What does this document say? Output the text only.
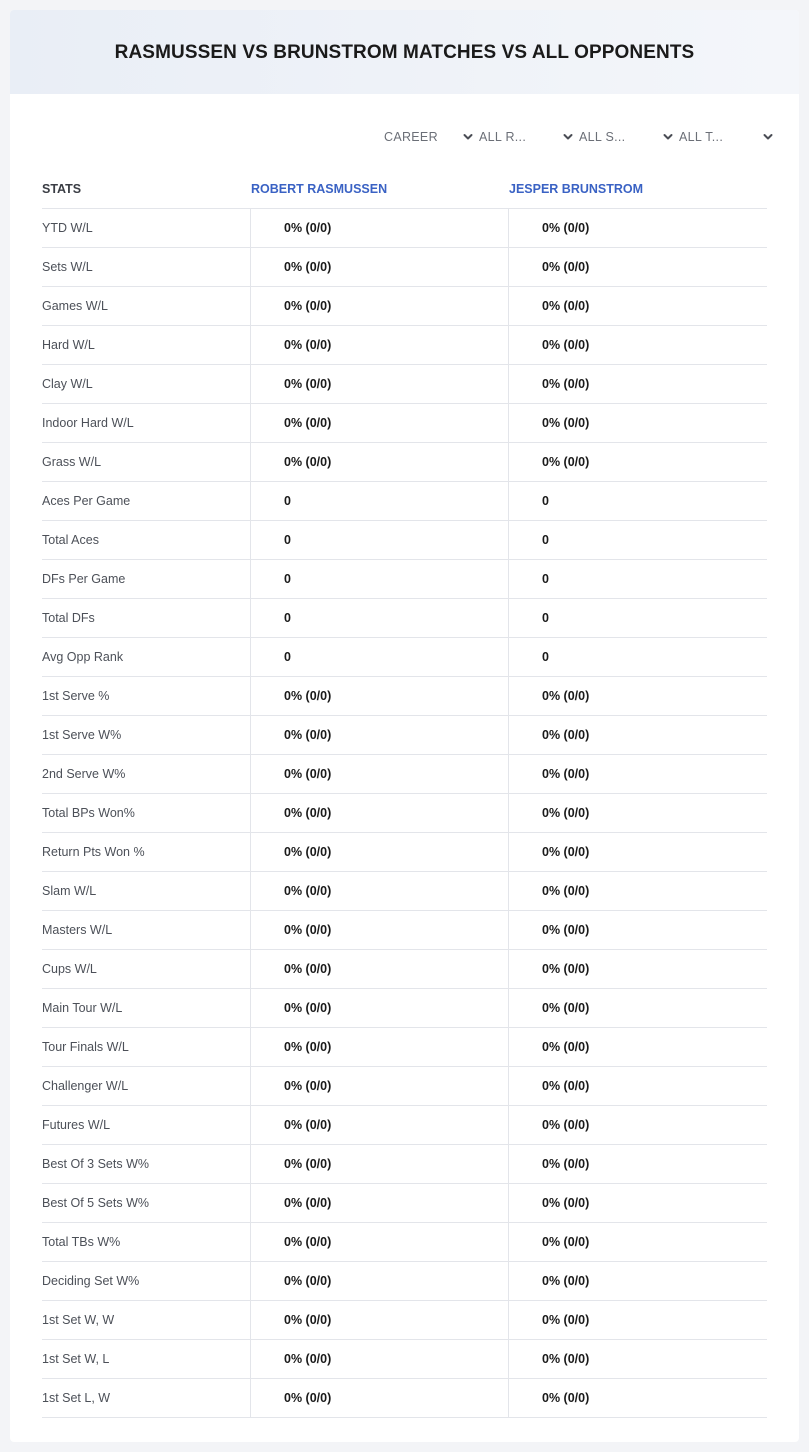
RASMUSSEN VS BRUNSTROM MATCHES VS ALL OPPONENTS
CAREER	ALL R...	ALL S...	ALL T...
STATS	ROBERT RASMUSSEN	JESPER BRUNSTROM
YTD W/L	0% (0/0)	0% (0/0)
Sets W/L	0% (0/0)	0% (0/0)
Games W/L	0% (0/0)	0% (0/0)
Hard W/L	0% (0/0)	0% (0/0)
Clay W/L	0% (0/0)	0% (0/0)
Indoor Hard W/L	0% (0/0)	0% (0/0)
Grass W/L	0% (0/0)	0% (0/0)
Aces Per Game	0	0
Total Aces	0	0
DFs Per Game	0	0
Total DFs	0	0
Avg Opp Rank	0	0
1st Serve %	0% (0/0)	0% (0/0)
1st Serve W%	0% (0/0)	0% (0/0)
2nd Serve W%	0% (0/0)	0% (0/0)
Total BPs Won%	0% (0/0)	0% (0/0)
Return Pts Won %	0% (0/0)	0% (0/0)
Slam W/L	0% (0/0)	0% (0/0)
Masters W/L	0% (0/0)	0% (0/0)
Cups W/L	0% (0/0)	0% (0/0)
Main Tour W/L	0% (0/0)	0% (0/0)
Tour Finals W/L	0% (0/0)	0% (0/0)
Challenger W/L	0% (0/0)	0% (0/0)
Futures W/L	0% (0/0)	0% (0/0)
Best Of 3 Sets W%	0% (0/0)	0% (0/0)
Best Of 5 Sets W%	0% (0/0)	0% (0/0)
Total TBs W%	0% (0/0)	0% (0/0)
Deciding Set W%	0% (0/0)	0% (0/0)
1st Set W, W	0% (0/0)	0% (0/0)
1st Set W, L	0% (0/0)	0% (0/0)
1st Set L, W	0% (0/0)	0% (0/0)
